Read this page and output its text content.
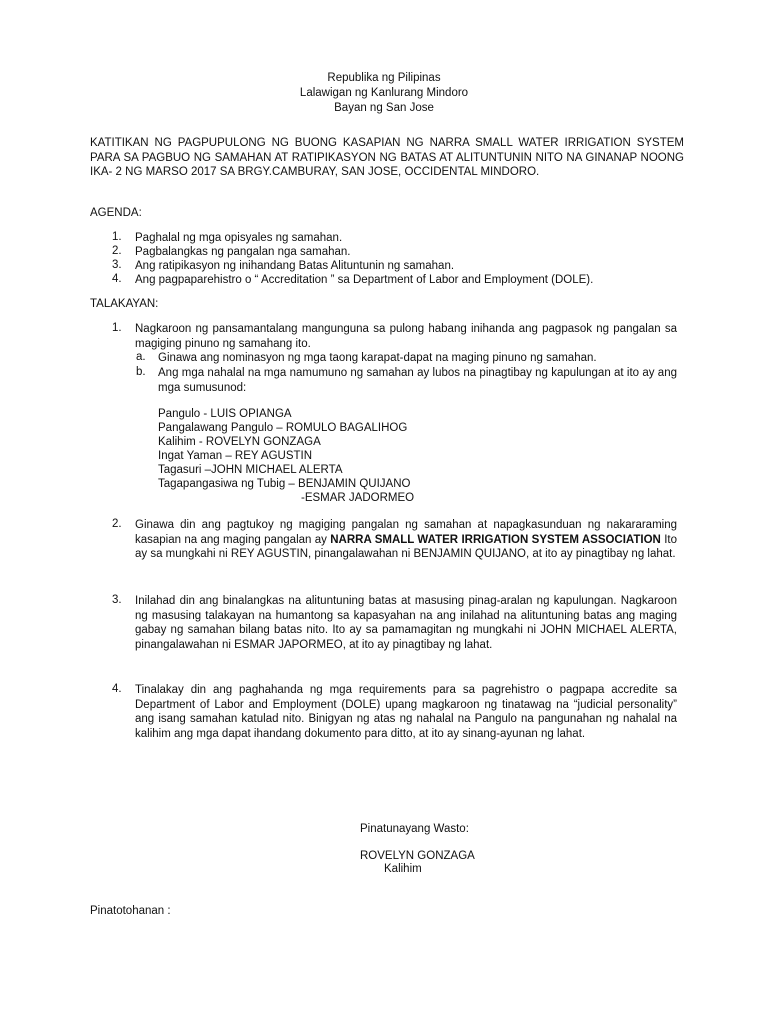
Republika ng Pilipinas
Lalawigan ng Kanlurang Mindoro
Bayan ng San Jose
KATITIKAN NG PAGPUPULONG NG BUONG KASAPIAN NG NARRA SMALL WATER IRRIGATION SYSTEM PARA SA PAGBUO NG SAMAHAN AT RATIPIKASYON NG BATAS AT ALITUNTUNIN NITO NA GINANAP NOONG IKA- 2 NG MARSO 2017 SA BRGY.CAMBURAY, SAN JOSE, OCCIDENTAL MINDORO.
AGENDA:
1. Paghalal ng mga opisyales ng samahan.
2. Pagbalangkas ng pangalan nga samahan.
3. Ang ratipikasyon ng inihandang Batas Alituntunin ng samahan.
4. Ang pagpaparehistro o “ Accreditation ” sa Department of Labor and Employment (DOLE).
TALAKAYAN:
1. Nagkaroon ng pansamantalang mangunguna sa pulong habang inihanda ang pagpasok ng pangalan sa magiging pinuno ng samahang ito.
a. Ginawa ang nominasyon ng mga taong karapat-dapat na maging pinuno ng samahan.
b. Ang mga nahalal na mga namumuno ng samahan ay lubos na pinagtibay ng kapulungan at ito ay ang mga sumusunod:
Pangulo - LUIS OPIANGA
Pangalawang Pangulo – ROMULO BAGALIHOG
Kalihim - ROVELYN GONZAGA
Ingat Yaman – REY AGUSTIN
Tagasuri –JOHN MICHAEL ALERTA
Tagapangasiwa ng Tubig – BENJAMIN QUIJANO
-ESMAR JADORMEO
2. Ginawa din ang pagtukoy ng magiging pangalan ng samahan at napagkasunduan ng nakararaming kasapian na ang maging pangalan ay NARRA SMALL WATER IRRIGATION SYSTEM ASSOCIATION Ito ay sa mungkahi ni REY AGUSTIN, pinangalawahan ni BENJAMIN QUIJANO, at ito ay pinagtibay ng lahat.
3. Inilahad din ang binalangkas na alituntuning batas at masusing pinag-aralan ng kapulungan. Nagkaroon ng masusing talakayan na humantong sa kapasyahan na ang inilahad na alituntuning batas ang maging gabay ng samahan bilang batas nito. Ito ay sa pamamagitan ng mungkahi ni JOHN MICHAEL ALERTA, pinangalawahan ni ESMAR JAPORMEO, at ito ay pinagtibay ng lahat.
4. Tinalakay din ang paghahanda ng mga requirements para sa pagrehistro o pagpapa accredite sa Department of Labor and Employment (DOLE) upang magkaroon ng tinatawag na “judicial personality” ang isang samahan katulad nito. Binigyan ng atas ng nahalal na Pangulo na pangunahan ng nahalal na kalihim ang mga dapat ihandang dokumento para ditto, at ito ay sinang-ayunan ng lahat.
Pinatunayang Wasto:
ROVELYN GONZAGA
Kalihim
Pinatotohanan :
